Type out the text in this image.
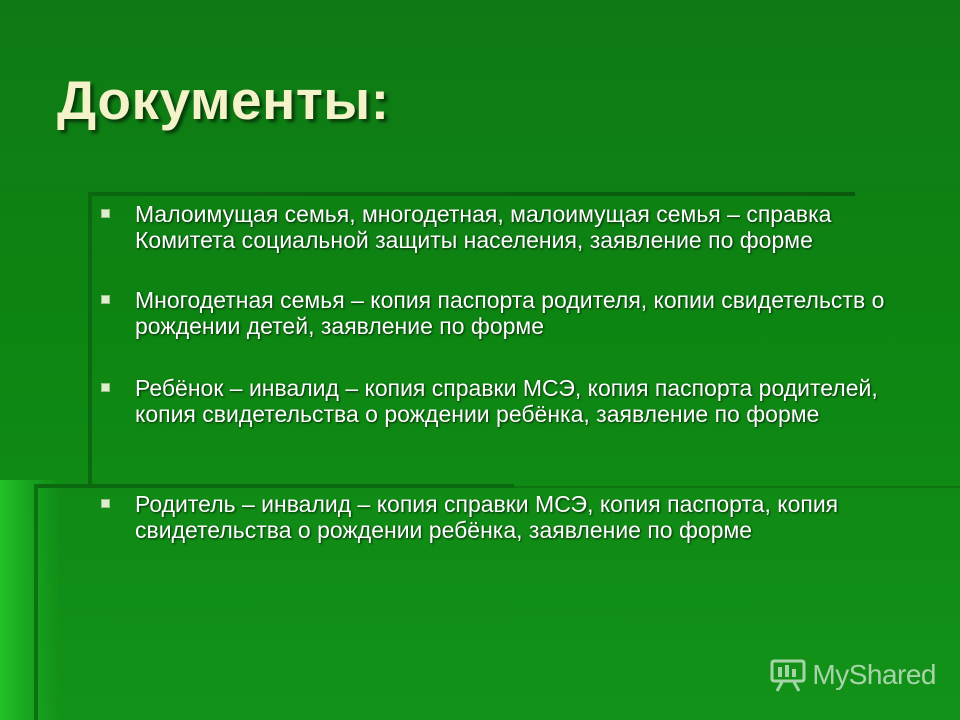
Документы:
Малоимущая семья, многодетная, малоимущая семья – справка Комитета социальной защиты населения, заявление по форме
Многодетная семья – копия паспорта родителя, копии свидетельств о рождении детей, заявление по форме
Ребёнок – инвалид – копия справки МСЭ, копия паспорта родителей, копия свидетельства о рождении ребёнка, заявление по форме
Родитель – инвалид – копия справки МСЭ, копия паспорта, копия свидетельства о рождении ребёнка, заявление по форме
MyShared
